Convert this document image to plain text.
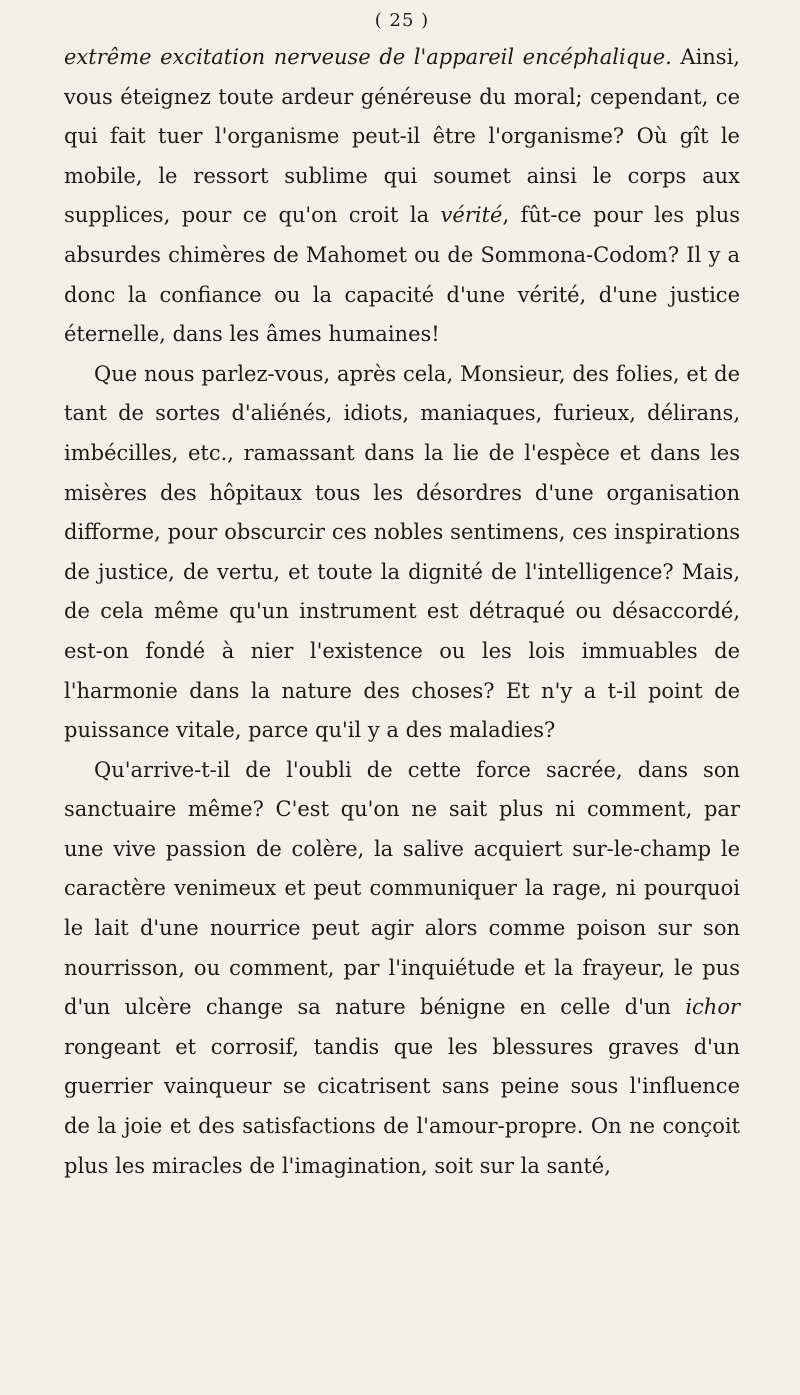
( 25 )

extrême excitation nerveuse de l'appareil encéphalique. Ainsi, vous éteignez toute ardeur généreuse du moral; cependant, ce qui fait tuer l'organisme peut-il être l'organisme? Où gît le mobile, le ressort sublime qui soumet ainsi le corps aux supplices, pour ce qu'on croit la vérité, fût-ce pour les plus absurdes chimères de Mahomet ou de Sommona-Codom? Il y a donc la confiance ou la capacité d'une vérité, d'une justice éternelle, dans les âmes humaines!

Que nous parlez-vous, après cela, Monsieur, des folies, et de tant de sortes d'aliénés, idiots, maniaques, furieux, délirans, imbécilles, etc., ramassant dans la lie de l'espèce et dans les misères des hôpitaux tous les désordres d'une organisation difforme, pour obscurcir ces nobles sentimens, ces inspirations de justice, de vertu, et toute la dignité de l'intelligence? Mais, de cela même qu'un instrument est détraqué ou désaccordé, est-on fondé à nier l'existence ou les lois immuables de l'harmonie dans la nature des choses? Et n'y a t-il point de puissance vitale, parce qu'il y a des maladies?

Qu'arrive-t-il de l'oubli de cette force sacrée, dans son sanctuaire même? C'est qu'on ne sait plus ni comment, par une vive passion de colère, la salive acquiert sur-le-champ le caractère venimeux et peut communiquer la rage, ni pourquoi le lait d'une nourrice peut agir alors comme poison sur son nourrisson, ou comment, par l'inquiétude et la frayeur, le pus d'un ulcère change sa nature bénigne en celle d'un ichor rongeant et corrosif, tandis que les blessures graves d'un guerrier vainqueur se cicatrisent sans peine sous l'influence de la joie et des satisfactions de l'amour-propre. On ne conçoit plus les miracles de l'imagination, soit sur la santé,
